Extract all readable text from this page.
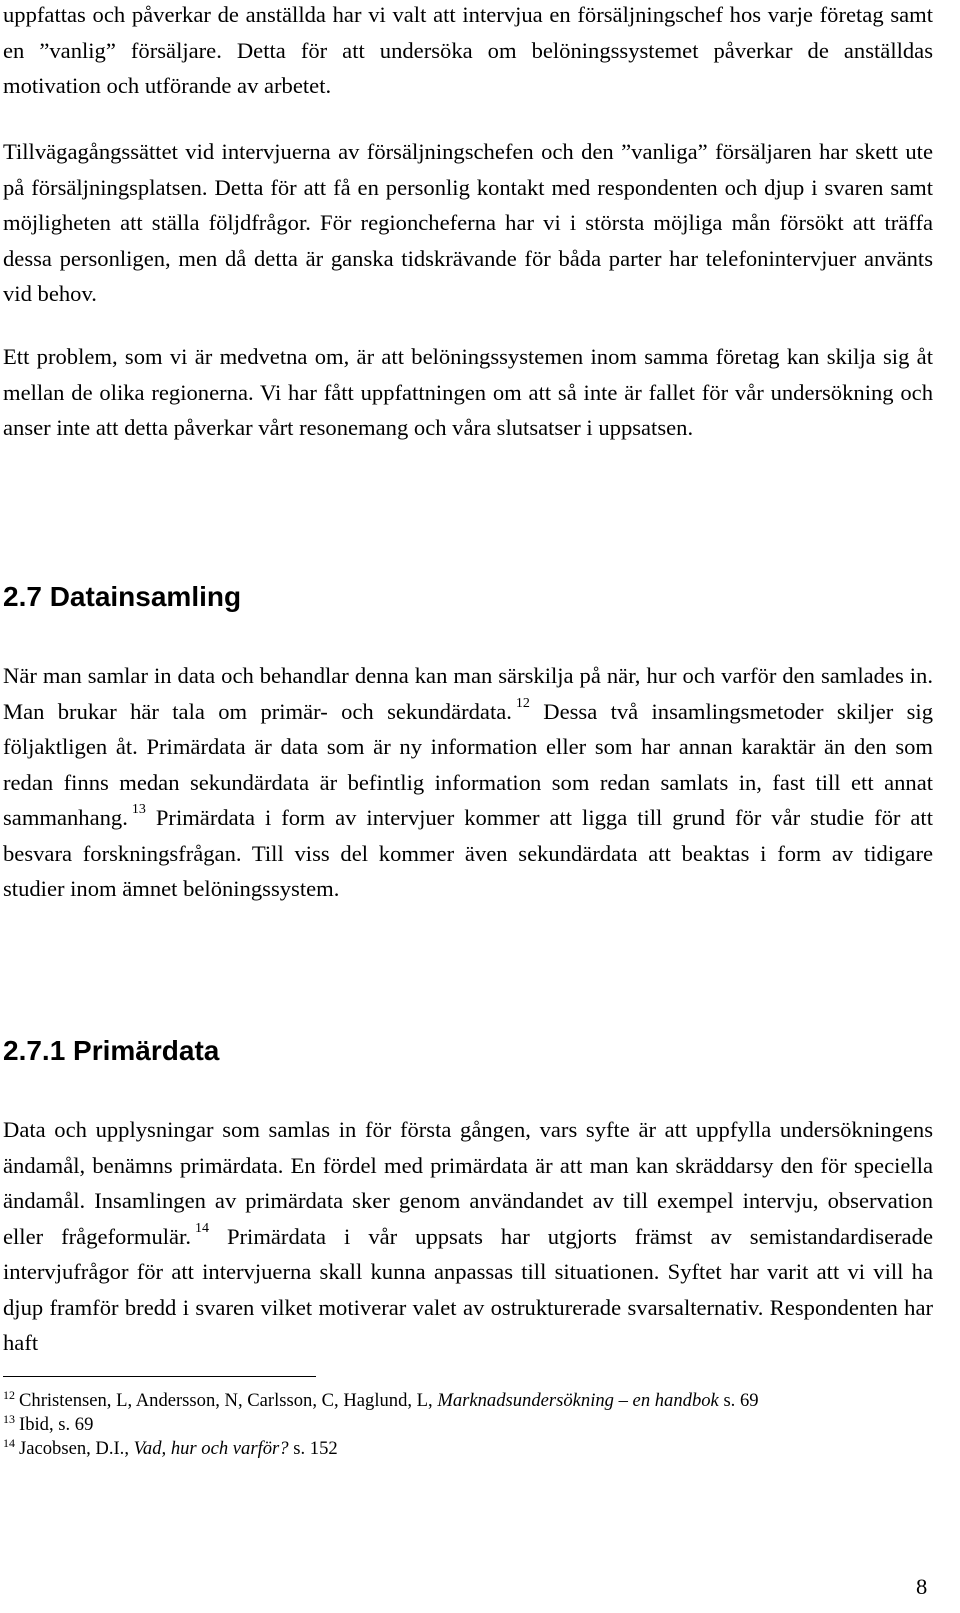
uppfattas och påverkar de anställda har vi valt att intervjua en försäljningschef hos varje företag samt en ”vanlig” försäljare. Detta för att undersöka om belöningssystemet påverkar de anställdas motivation och utförande av arbetet.

Tillvägagångssättet vid intervjuerna av försäljningschefen och den ”vanliga” försäljaren har skett ute på försäljningsplatsen. Detta för att få en personlig kontakt med respondenten och djup i svaren samt möjligheten att ställa följdfrågor. För regioncheferna har vi i största möjliga mån försökt att träffa dessa personligen, men då detta är ganska tidskrävande för båda parter har telefonintervjuer använts vid behov.

Ett problem, som vi är medvetna om, är att belöningssystemen inom samma företag kan skilja sig åt mellan de olika regionerna. Vi har fått uppfattningen om att så inte är fallet för vår undersökning och anser inte att detta påverkar vårt resonemang och våra slutsatser i uppsatsen.

2.7 Datainsamling

När man samlar in data och behandlar denna kan man särskilja på när, hur och varför den samlades in. Man brukar här tala om primär- och sekundärdata. $^{12}$ Dessa två insamlingsmetoder skiljer sig följaktligen åt. Primärdata är data som är ny information eller som har annan karaktär än den som redan finns medan sekundärdata är befintlig information som redan samlats in, fast till ett annat sammanhang. $^{13}$ Primärdata i form av intervjuer kommer att ligga till grund för vår studie för att besvara forskningsfrågan. Till viss del kommer även sekundärdata att beaktas i form av tidigare studier inom ämnet belöningssystem.

2.7.1 Primärdata

Data och upplysningar som samlas in för första gången, vars syfte är att uppfylla undersökningens ändamål, benämns primärdata. En fördel med primärdata är att man kan skräddarsy den för speciella ändamål. Insamlingen av primärdata sker genom användandet av till exempel intervju, observation eller frågeformulär. $^{14}$ Primärdata i vår uppsats har utgjorts främst av semistandardiserade intervjufrågor för att intervjuerna skall kunna anpassas till situationen. Syftet har varit att vi vill ha djup framför bredd i svaren vilket motiverar valet av ostrukturerade svarsalternativ. Respondenten har haft

$^{12}$ Christensen, L, Andersson, N, Carlsson, C, Haglund, L, Marknadsundersökning – en handbok s. 69

$^{13}$ Ibid, s. 69

$^{14}$ Jacobsen, D.I., Vad, hur och varför? s. 152

8
